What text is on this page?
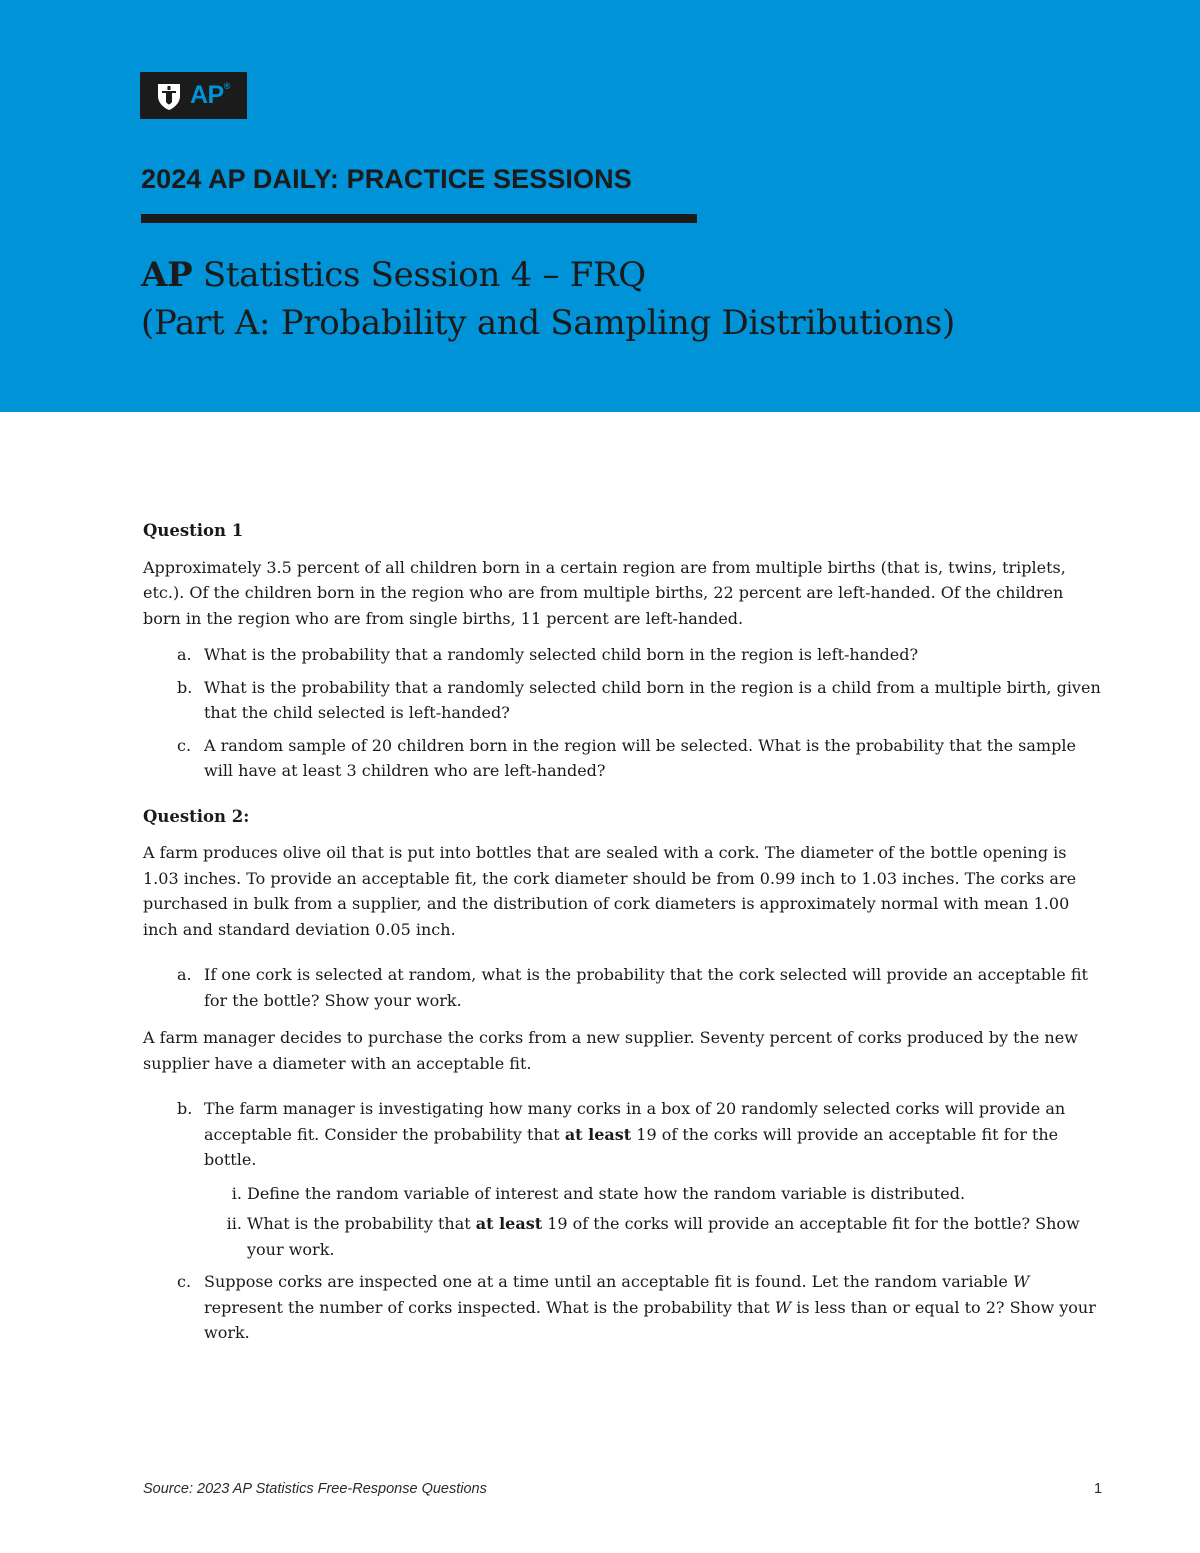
AP®
2024 AP DAILY: PRACTICE SESSIONS
AP Statistics Session 4 – FRQ
(Part A: Probability and Sampling Distributions)

Question 1

Approximately 3.5 percent of all children born in a certain region are from multiple births (that is, twins, triplets, etc.). Of the children born in the region who are from multiple births, 22 percent are left-handed. Of the children born in the region who are from single births, 11 percent are left-handed.

a. What is the probability that a randomly selected child born in the region is left-handed?
b. What is the probability that a randomly selected child born in the region is a child from a multiple birth, given that the child selected is left-handed?
c. A random sample of 20 children born in the region will be selected. What is the probability that the sample will have at least 3 children who are left-handed?

Question 2:

A farm produces olive oil that is put into bottles that are sealed with a cork. The diameter of the bottle opening is 1.03 inches. To provide an acceptable fit, the cork diameter should be from 0.99 inch to 1.03 inches. The corks are purchased in bulk from a supplier, and the distribution of cork diameters is approximately normal with mean 1.00 inch and standard deviation 0.05 inch.

a. If one cork is selected at random, what is the probability that the cork selected will provide an acceptable fit for the bottle? Show your work.

A farm manager decides to purchase the corks from a new supplier. Seventy percent of corks produced by the new supplier have a diameter with an acceptable fit.

b. The farm manager is investigating how many corks in a box of 20 randomly selected corks will provide an acceptable fit. Consider the probability that at least 19 of the corks will provide an acceptable fit for the bottle.
i. Define the random variable of interest and state how the random variable is distributed.
ii. What is the probability that at least 19 of the corks will provide an acceptable fit for the bottle? Show your work.
c. Suppose corks are inspected one at a time until an acceptable fit is found. Let the random variable W represent the number of corks inspected. What is the probability that W is less than or equal to 2? Show your work.
Source: 2023 AP Statistics Free-Response Questions	1
